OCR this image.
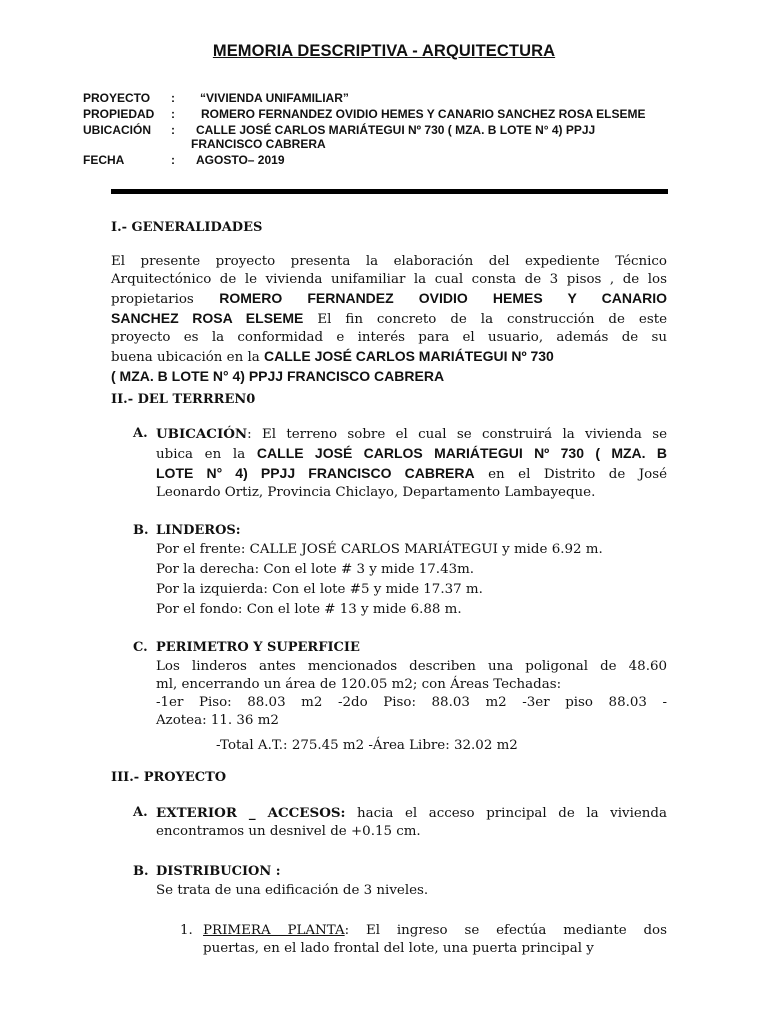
MEMORIA DESCRIPTIVA - ARQUITECTURA
PROYECTO : “VIVIENDA UNIFAMILIAR”
PROPIEDAD : ROMERO FERNANDEZ OVIDIO HEMES Y CANARIO SANCHEZ ROSA ELSEME
UBICACIÓN : CALLE JOSÉ CARLOS MARIÁTEGUI Nº 730 ( MZA. B LOTE N° 4) PPJJ
FRANCISCO CABRERA
FECHA	: AGOSTO– 2019
I.- GENERALIDADES
El presente proyecto presenta la elaboración del expediente Técnico
Arquitectónico de le vivienda unifamiliar la cual consta de 3 pisos , de los
propietarios ROMERO FERNANDEZ OVIDIO HEMES Y CANARIO
SANCHEZ ROSA ELSEME El fin concreto de la construcción de este
proyecto es la conformidad e interés para el usuario, además de su
buena ubicación en la CALLE JOSÉ CARLOS MARIÁTEGUI Nº 730
( MZA. B LOTE N° 4) PPJJ FRANCISCO CABRERA
II.- DEL TERRREN0
A. UBICACIÓN: El terreno sobre el cual se construirá la vivienda se
ubica en la CALLE JOSÉ CARLOS MARIÁTEGUI Nº 730 ( MZA. B
LOTE N° 4) PPJJ FRANCISCO CABRERA en el Distrito de José
Leonardo Ortiz, Provincia Chiclayo, Departamento Lambayeque.
B. LINDEROS:
Por el frente: CALLE JOSÉ CARLOS MARIÁTEGUI y mide 6.92 m.
Por la derecha: Con el lote # 3 y mide 17.43m.
Por la izquierda: Con el lote #5 y mide 17.37 m.
Por el fondo: Con el lote # 13 y mide 6.88 m.
C. PERIMETRO Y SUPERFICIE
Los linderos antes mencionados describen una poligonal de 48.60
ml, encerrando un área de 120.05 m2; con Áreas Techadas:
-1er Piso: 88.03 m2 -2do Piso: 88.03 m2 -3er piso 88.03 -
Azotea: 11. 36 m2
-Total A.T.: 275.45 m2 -Área Libre: 32.02 m2
III.- PROYECTO
A. EXTERIOR _ ACCESOS: hacia el acceso principal de la vivienda
encontramos un desnivel de +0.15 cm.
B. DISTRIBUCION :
Se trata de una edificación de 3 niveles.
1. PRIMERA PLANTA: El ingreso se efectúa mediante dos
puertas, en el lado frontal del lote, una puerta principal y
